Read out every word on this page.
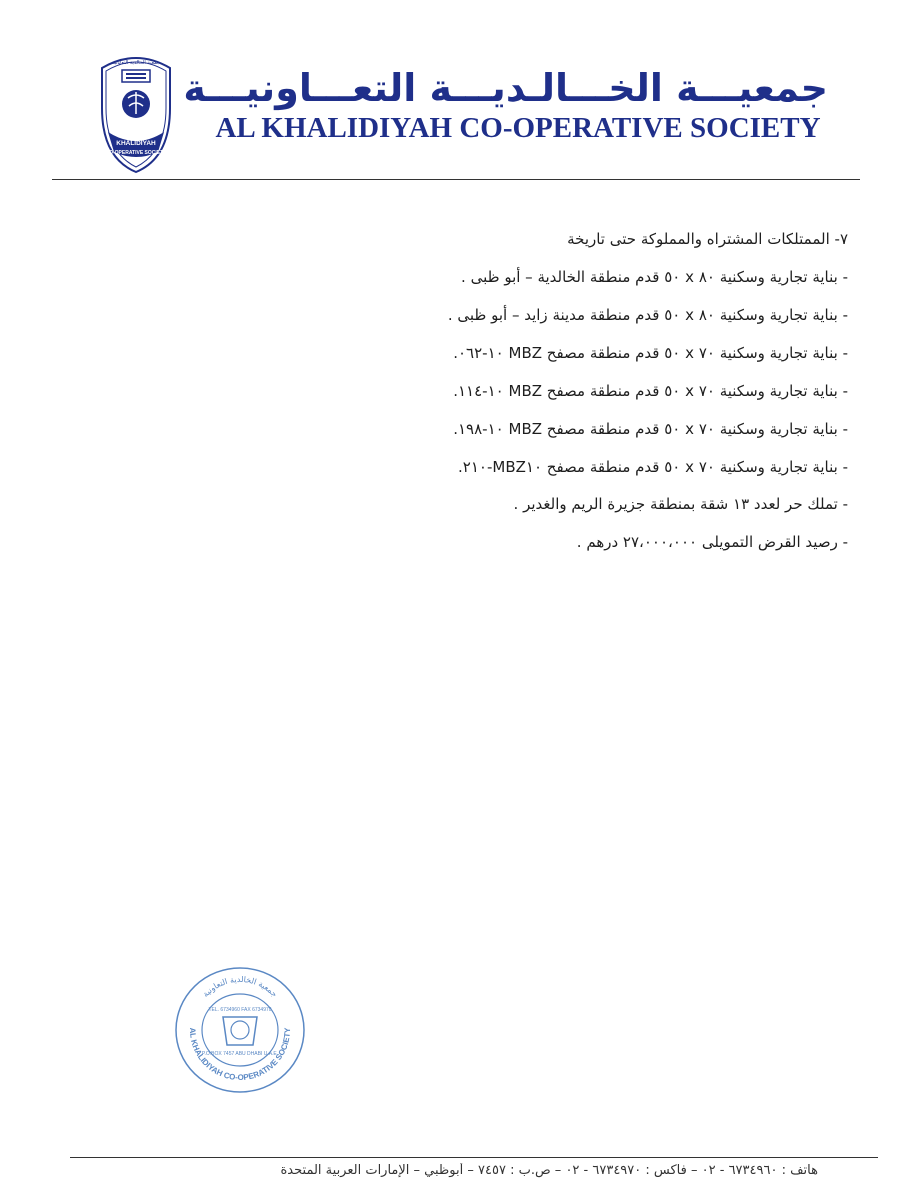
KHALIDIYAH
CO-OPERATIVE SOCIETY
جمعية الخالدية التعاونية
جمعيـــة الخـــالـديـــة التعـــاونيـــة
AL KHALIDIYAH CO-OPERATIVE SOCIETY
٧- الممتلكات المشتراه والمملوكة حتى تاريخة
- بناية تجارية وسكنية ٨٠ x ٥٠ قدم منطقة الخالدية – أبو ظبى .
- بناية تجارية وسكنية ٨٠ x ٥٠ قدم منطقة مدينة زايد – أبو ظبى .
- بناية تجارية وسكنية ٧٠ x ٥٠ قدم منطقة مصفح MBZ ١٠-٠٦٢.
- بناية تجارية وسكنية ٧٠ x ٥٠ قدم منطقة مصفح MBZ ١٠-١١٤.
- بناية تجارية وسكنية ٧٠ x ٥٠ قدم منطقة مصفح MBZ ١٠-١٩٨.
- بناية تجارية وسكنية ٧٠ x ٥٠ قدم منطقة مصفح MBZ١٠-٢١٠.
- تملك حر لعدد ١٣ شقة بمنطقة جزيرة الريم والغدير .
- رصيد القرض التمويلى ٢٧،٠٠٠،٠٠٠ درهم .
AL KHALIDIYAH CO-OPERATIVE SOCIETY
جمعية الخالدية التعاونية
TEL. 6734960 FAX 6734970
P.O.BOX 7457 ABU DHABI U.A.E.
هاتف : ٦٧٣٤٩٦٠ - ٠٢ – فاكس : ٦٧٣٤٩٧٠ - ٠٢ – ص.ب : ٧٤٥٧ – أبوظبي – الإمارات العربية المتحدة
